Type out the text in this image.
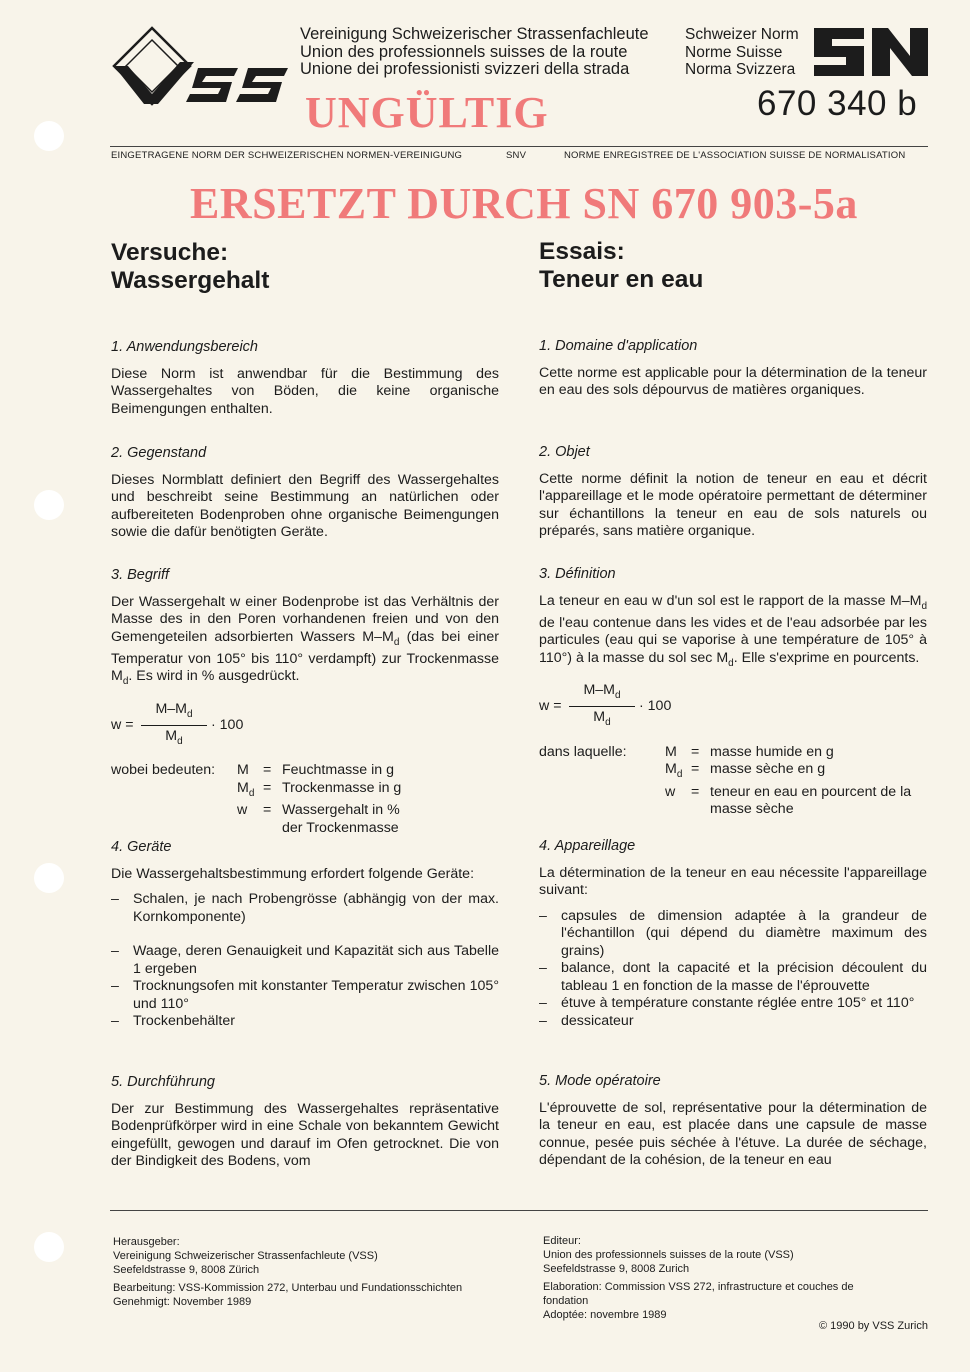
Vereinigung Schweizerischer Strassenfachleute
Union des professionnels suisses de la route
Unione dei professionisti svizzeri della strada
Schweizer Norm
Norme Suisse
Norma Svizzera
670 340 b
UNGÜLTIG
EINGETRAGENE NORM DER SCHWEIZERISCHEN NORMEN-VEREINIGUNG	SNV	NORME ENREGISTREE DE L'ASSOCIATION SUISSE DE NORMALISATION
ERSETZT DURCH SN 670 903-5a
Versuche:
Wassergehalt
Essais:
Teneur en eau
1. Anwendungsbereich
Diese Norm ist anwendbar für die Bestimmung des Wassergehaltes von Böden, die keine organische Beimengungen enthalten.
2. Gegenstand
Dieses Normblatt definiert den Begriff des Wassergehaltes und beschreibt seine Bestimmung an natürlichen oder aufbereiteten Bodenproben ohne organische Beimengungen sowie die dafür benötigten Geräte.
3. Begriff
Der Wassergehalt w einer Bodenprobe ist das Verhältnis der Masse des in den Poren vorhandenen freien und von den Gemengeteilen adsorbierten Wassers $M-M_d$ (das bei einer Temperatur von 105° bis 110° verdampft) zur Trockenmasse $M_d$. Es wird in % ausgedrückt.
$w = \frac{M-M_d}{M_d} \cdot 100$
wobei bedeuten:	M = Feuchtmasse in g
$M_d$ = Trockenmasse in g
w	= Wassergehalt in % der Trockenmasse
4. Geräte
Die Wassergehaltsbestimmung erfordert folgende Geräte:
– Schalen, je nach Probengrösse (abhängig von der max. Kornkomponente)
– Waage, deren Genauigkeit und Kapazität sich aus Tabelle 1 ergeben
– Trocknungsofen mit konstanter Temperatur zwischen 105° und 110°
– Trockenbehälter
5. Durchführung
Der zur Bestimmung des Wassergehaltes repräsentative Bodenprüfkörper wird in eine Schale von bekanntem Gewicht eingefüllt, gewogen und darauf im Ofen getrocknet. Die von der Bindigkeit des Bodens, vom
1. Domaine d'application
Cette norme est applicable pour la détermination de la teneur en eau des sols dépourvus de matières organiques.
2. Objet
Cette norme définit la notion de teneur en eau et décrit l'appareillage et le mode opératoire permettant de déterminer sur échantillons la teneur en eau de sols naturels ou préparés, sans matière organique.
3. Définition
La teneur en eau w d'un sol est le rapport de la masse $M-M_d$ de l'eau contenue dans les vides et de l'eau adsorbée par les particules (eau qui se vaporise à une température de 105° à 110°) à la masse du sol $\sec M_d$. Elle s'exprime en pourcents.
$w = \frac{M-M_d}{M_d} \cdot 100$
dans laquelle:	M = masse humide en g
$M_d$ = masse sèche en g
w	= teneur en eau en pourcent de la masse sèche
4. Appareillage
La détermination de la teneur en eau nécessite l'appareillage suivant:
– capsules de dimension adaptée à la grandeur de l'échantillon (qui dépend du diamètre maximum des grains)
– balance, dont la capacité et la précision découlent du tableau 1 en fonction de la masse de l'éprouvette
– étuve à température constante réglée entre 105° et 110°
– dessicateur
5. Mode opératoire
L'éprouvette de sol, représentative pour la détermination de la teneur en eau, est placée dans une capsule de masse connue, pesée puis séchée à l'étuve. La durée de séchage, dépendant de la cohésion, de la teneur en eau
Herausgeber:
Vereinigung Schweizerischer Strassenfachleute (VSS)
Seefeldstrasse 9, 8008 Zürich
Bearbeitung: VSS-Kommission 272, Unterbau und Fundationsschichten
Genehmigt: November 1989
Editeur:
Union des professionnels suisses de la route (VSS)
Seefeldstrasse 9, 8008 Zurich
Elaboration: Commission VSS 272, infrastructure et couches de fondation
Adoptée: novembre 1989
© 1990 by VSS Zurich
